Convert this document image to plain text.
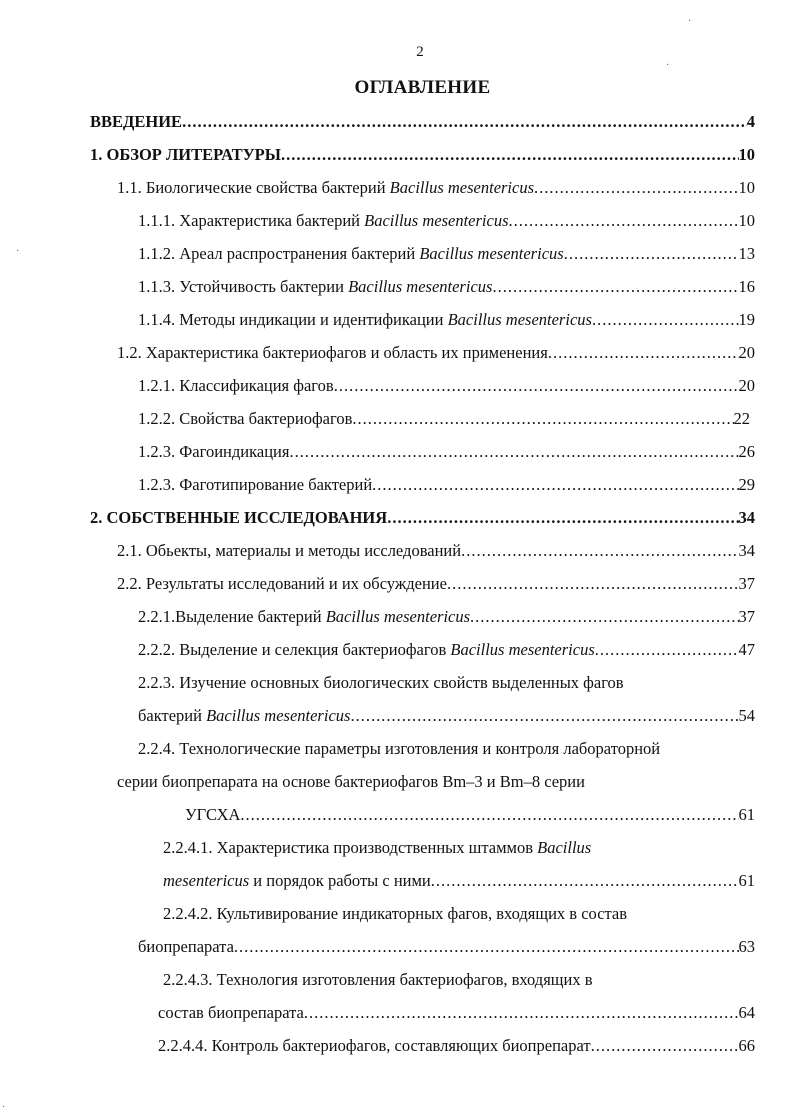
2
ОГЛАВЛЕНИЕ
ВВЕДЕНИЕ .....	4
1. ОБЗОР ЛИТЕРАТУРЫ .....	10
1.1. Биологические свойства бактерий Bacillus mesentericus .....	10
1.1.1. Характеристика бактерий Bacillus mesentericus .....	10
1.1.2. Ареал распространения бактерий Bacillus mesentericus .....	13
1.1.3. Устойчивость бактерии Bacillus mesentericus .....	16
1.1.4. Методы индикации и идентификации Bacillus mesentericus .....	19
1.2. Характеристика бактериофагов и область их применения .....	20
1.2.1. Классификация фагов .....	20
1.2.2. Свойства бактериофагов .....	22
1.2.3. Фагоиндикация .....	26
1.2.3. Фаготипирование бактерий .....	29
2. СОБСТВЕННЫЕ ИССЛЕДОВАНИЯ .....	34
2.1. Обьекты, материалы и методы исследований .....	34
2.2. Результаты исследований и их обсуждение .....	37
2.2.1.Выделение бактерий Bacillus mesentericus .....	37
2.2.2. Выделение и селекция бактериофагов Bacillus mesentericus .....	47
2.2.3. Изучение основных биологических свойств выделенных фагов
бактерий Bacillus mesentericus .....	54
2.2.4. Технологические параметры изготовления и контроля лабораторной
серии биопрепарата на основе бактериофагов Bm–3 и Bm–8 серии
УГСХА .....	61
2.2.4.1. Характеристика производственных штаммов Bacillus
mesentericus и порядок работы с ними .....	61
2.2.4.2. Культивирование индикаторных фагов, входящих в состав
биопрепарата .....	63
2.2.4.3. Технология изготовления бактериофагов, входящих в
состав биопрепарата .....	64
2.2.4.4. Контроль бактериофагов, составляющих биопрепарат .....	66
·
·
·
·
